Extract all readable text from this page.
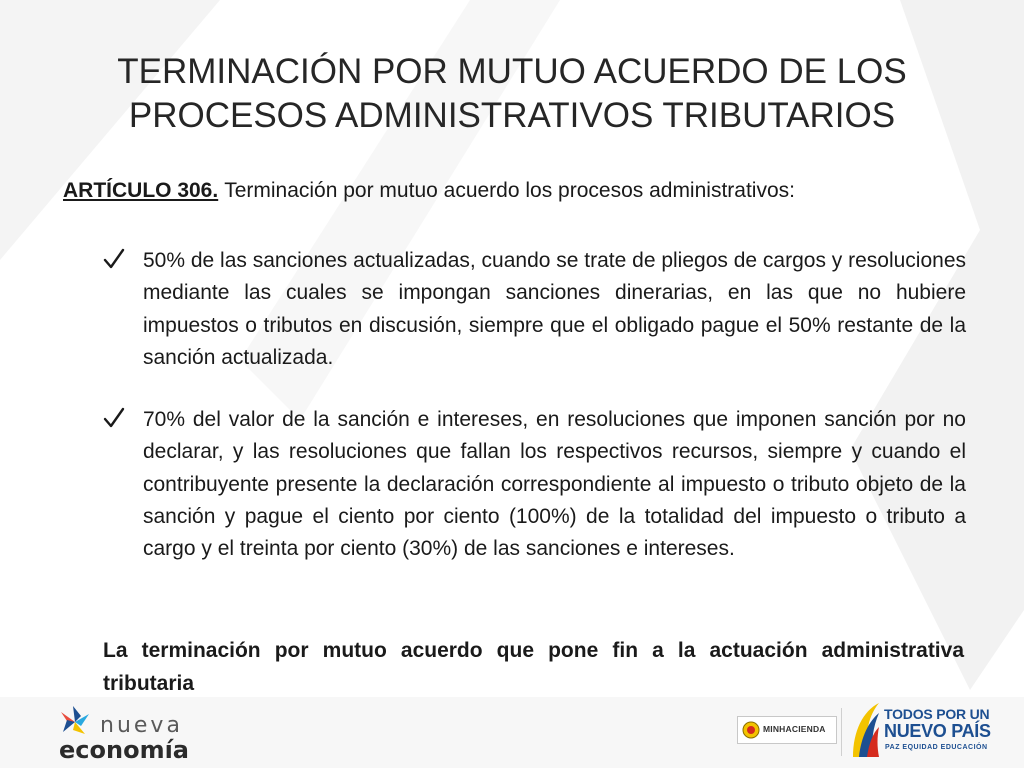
TERMINACIÓN POR MUTUO ACUERDO DE LOS
PROCESOS ADMINISTRATIVOS TRIBUTARIOS
ARTÍCULO 306. Terminación por mutuo acuerdo los procesos administrativos:
50% de las sanciones actualizadas, cuando se trate de pliegos de cargos y resoluciones mediante las cuales se impongan sanciones dinerarias, en las que no hubiere impuestos o tributos en discusión, siempre que el obligado pague el 50% restante de la sanción actualizada.
70% del valor de la sanción e intereses, en resoluciones que imponen sanción por no declarar, y las resoluciones que fallan los respectivos recursos, siempre y cuando el contribuyente presente la declaración correspondiente al impuesto o tributo objeto de la sanción y pague el ciento por ciento (100%) de la totalidad del impuesto o tributo a cargo y el treinta por ciento (30%) de las sanciones e intereses.
La terminación por mutuo acuerdo que pone fin a la actuación administrativa tributaria
nueva
economía
MINHACIENDA
TODOS POR UN
NUEVO PAÍS
PAZ EQUIDAD EDUCACIÓN
